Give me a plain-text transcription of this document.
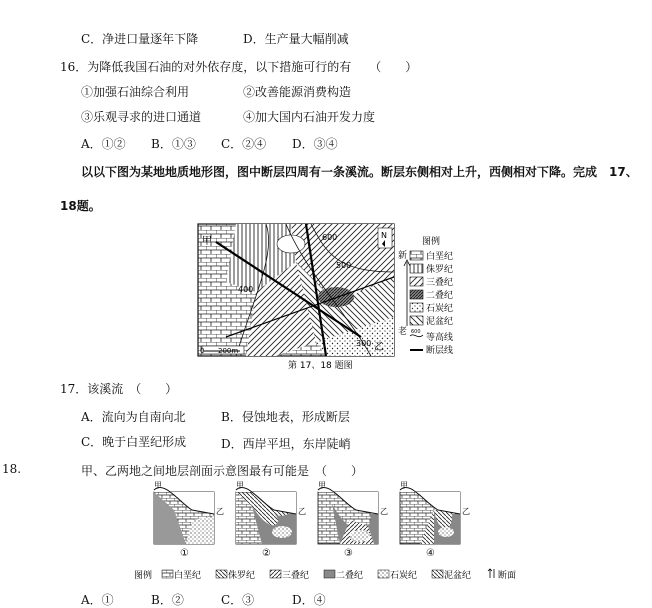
C．净进口量逐年下降	D．生产量大幅削减
16．为降低我国石油的对外依存度，以下措施可行的有　　（　　）
①加强石油综合利用	②改善能源消费构造
③乐观寻求的进口通道	④加大国内石油开发力度
A．①② B．①③ C．②④ D．③④
以以下图为某地地质地形图，图中断层四周有一条溪流。断层东侧相对上升，西侧相对下降。完成　17、
18题。
甲
乙
600
500
400
300
0 200m
N
新
老
图例
白垩纪
侏罗纪
三叠纪
二叠纪
石炭纪
泥盆纪
600
等高线
断层线
第 17、18 题图
17．该溪流　（　　）
A．流向为自南向北	B．侵蚀地表，形成断层
C．晚于白垩纪形成	D．西岸平坦，东岸陡峭
18.	甲、乙两地之间地层剖面示意图最有可能是　（　　）
甲
乙
甲
乙
甲
乙
甲
乙
①	②	③	④
图例 白垩纪	侏罗纪	三叠纪	二叠纪	石炭纪	泥盆纪	断面
A．①	B．②	C．③	D．④
